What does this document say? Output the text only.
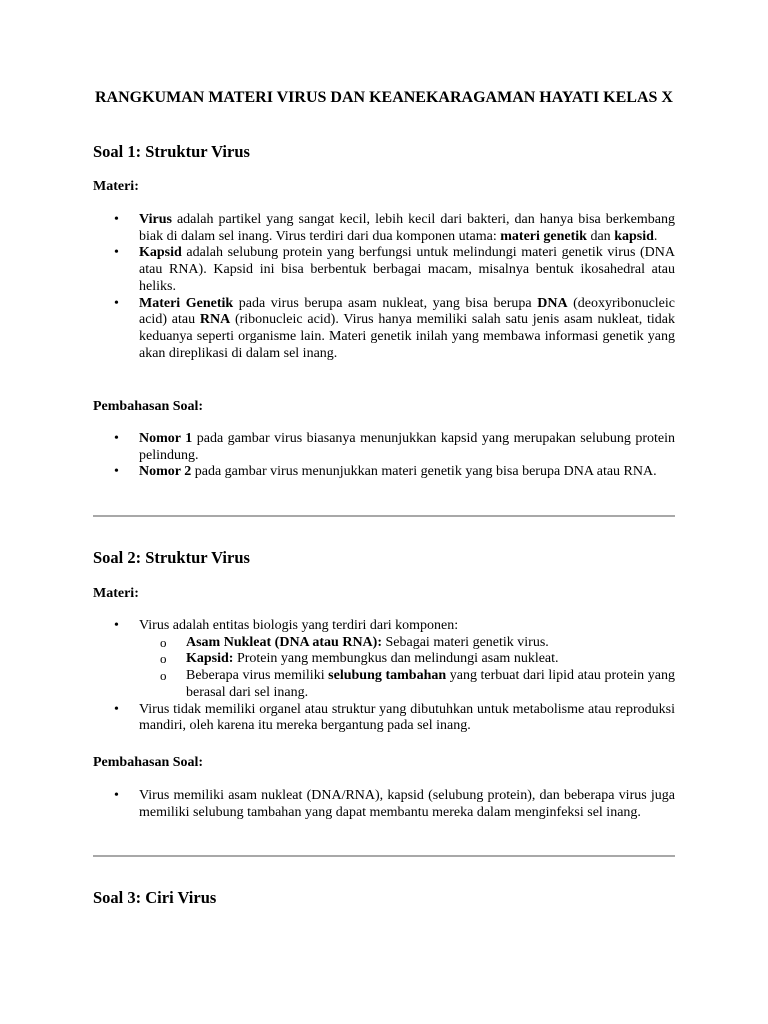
RANGKUMAN MATERI VIRUS DAN KEANEKARAGAMAN HAYATI KELAS X
Soal 1: Struktur Virus
Materi:
• Virus adalah partikel yang sangat kecil, lebih kecil dari bakteri, dan hanya bisa berkembang biak di dalam sel inang. Virus terdiri dari dua komponen utama: materi genetik dan kapsid.
• Kapsid adalah selubung protein yang berfungsi untuk melindungi materi genetik virus (DNA atau RNA). Kapsid ini bisa berbentuk berbagai macam, misalnya bentuk ikosahedral atau heliks.
• Materi Genetik pada virus berupa asam nukleat, yang bisa berupa DNA (deoxyribonucleic acid) atau RNA (ribonucleic acid). Virus hanya memiliki salah satu jenis asam nukleat, tidak keduanya seperti organisme lain. Materi genetik inilah yang membawa informasi genetik yang akan direplikasi di dalam sel inang.
Pembahasan Soal:
• Nomor 1 pada gambar virus biasanya menunjukkan kapsid yang merupakan selubung protein pelindung.
• Nomor 2 pada gambar virus menunjukkan materi genetik yang bisa berupa DNA atau RNA.
Soal 2: Struktur Virus
Materi:
• Virus adalah entitas biologis yang terdiri dari komponen:
o Asam Nukleat (DNA atau RNA): Sebagai materi genetik virus.
o Kapsid: Protein yang membungkus dan melindungi asam nukleat.
o Beberapa virus memiliki selubung tambahan yang terbuat dari lipid atau protein yang berasal dari sel inang.
• Virus tidak memiliki organel atau struktur yang dibutuhkan untuk metabolisme atau reproduksi mandiri, oleh karena itu mereka bergantung pada sel inang.
Pembahasan Soal:
• Virus memiliki asam nukleat (DNA/RNA), kapsid (selubung protein), dan beberapa virus juga memiliki selubung tambahan yang dapat membantu mereka dalam menginfeksi sel inang.
Soal 3: Ciri Virus
